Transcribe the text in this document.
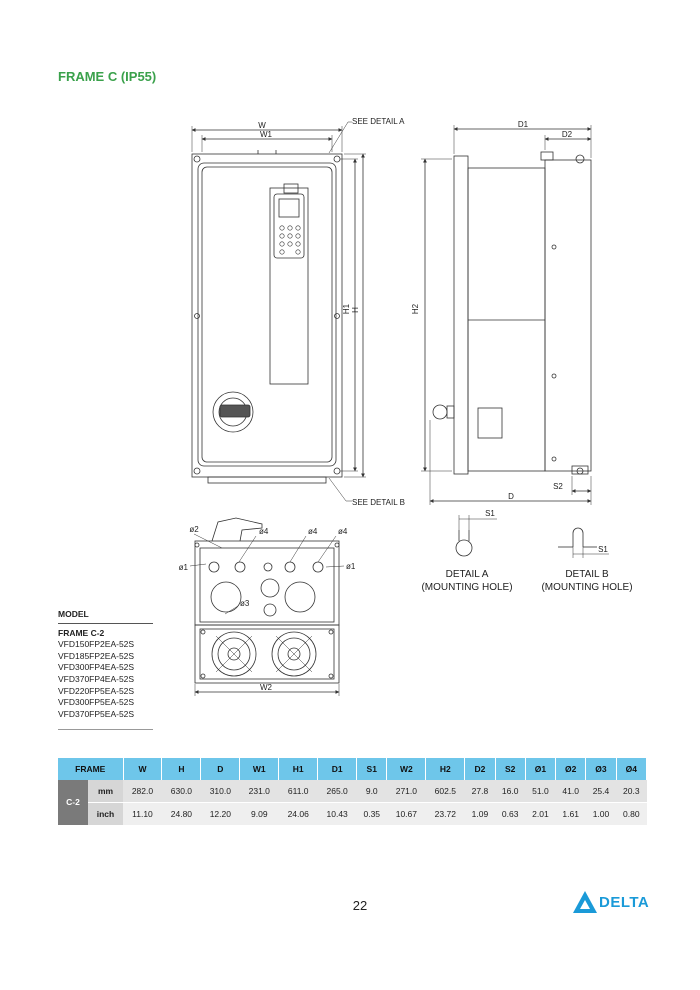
FRAME C (IP55)
W
W1
SEE DETAIL A
SEE DETAIL B
H1 H	H2
D1
D2
D
S2
W2
S1
S1
ø1
ø2	ø4	ø4	ø4
ø1
ø3
DETAIL A
(MOUNTING HOLE)
DETAIL B
(MOUNTING HOLE)
MODEL
FRAME C-2
VFD150FP2EA-52S
VFD185FP2EA-52S
VFD300FP4EA-52S
VFD370FP4EA-52S
VFD220FP5EA-52S
VFD300FP5EA-52S
VFD370FP5EA-52S
FRAME		W	H	D	W1	H1	D1	S1	W2	H2	D2	S2	Ø1	Ø2	Ø3	Ø4
C-2	mm	282.0	630.0	310.0	231.0	611.0	265.0	9.0	271.0	602.5	27.8	16.0	51.0	41.0	25.4	20.3
	inch	11.10	24.80	12.20	9.09	24.06	10.43	0.35	10.67	23.72	1.09	0.63	2.01	1.61	1.00	0.80
22	DELTA
